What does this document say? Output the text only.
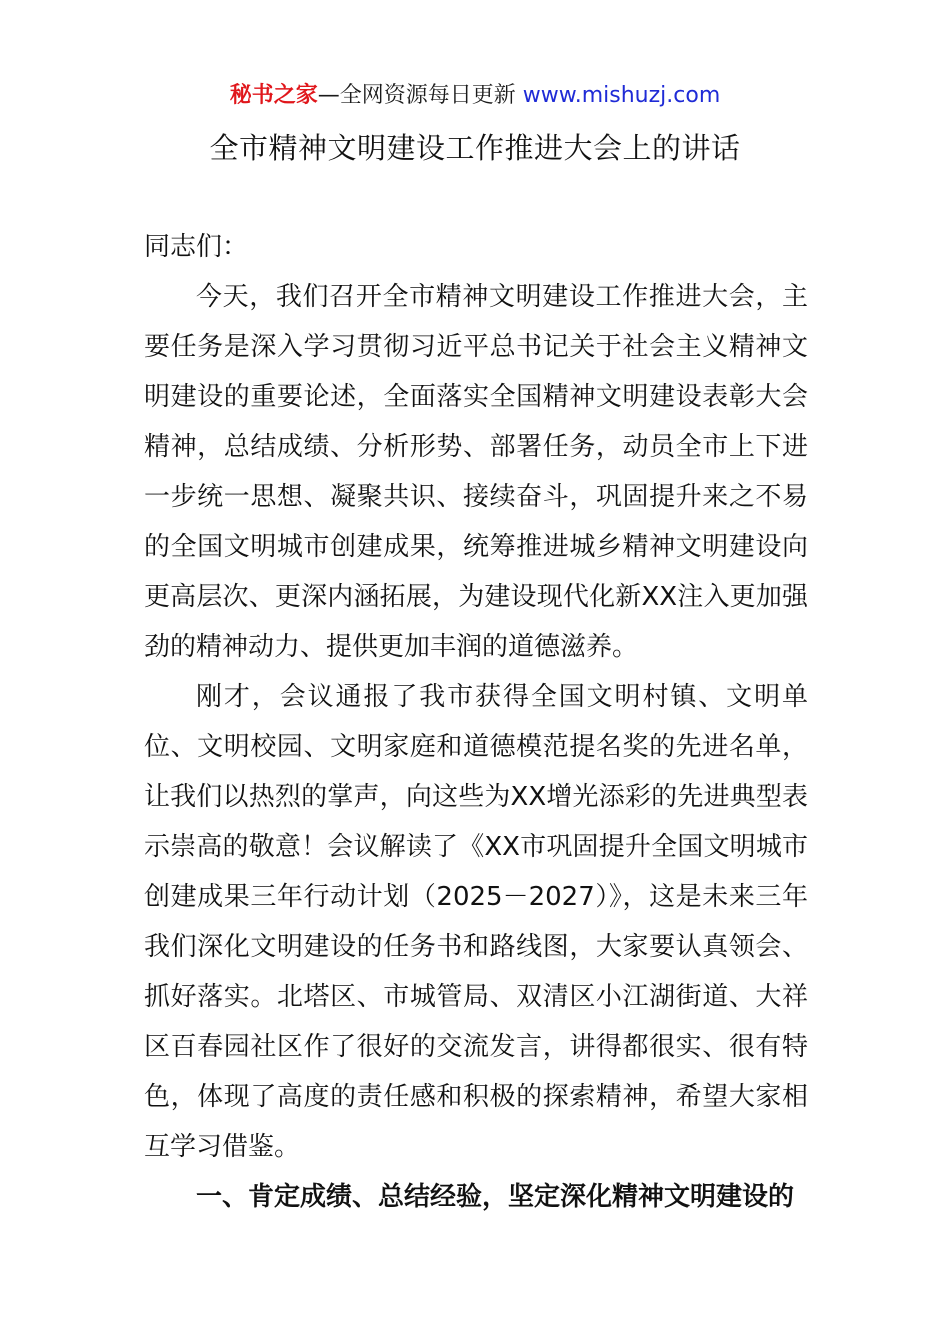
秘书之家—全网资源每日更新 www.mishuzj.com
全市精神文明建设工作推进大会上的讲话

同志们：

今天，我们召开全市精神文明建设工作推进大会，主要任务是深入学习贯彻习近平总书记关于社会主义精神文明建设的重要论述，全面落实全国精神文明建设表彰大会精神，总结成绩、分析形势、部署任务，动员全市上下进一步统一思想、凝聚共识、接续奋斗，巩固提升来之不易的全国文明城市创建成果，统筹推进城乡精神文明建设向更高层次、更深内涵拓展，为建设现代化新XX注入更加强劲的精神动力、提供更加丰润的道德滋养。

刚才，会议通报了我市获得全国文明村镇、文明单位、文明校园、文明家庭和道德模范提名奖的先进名单，让我们以热烈的掌声，向这些为XX增光添彩的先进典型表示崇高的敬意！会议解读了《XX市巩固提升全国文明城市创建成果三年行动计划（2025－2027）》，这是未来三年我们深化文明建设的任务书和路线图，大家要认真领会、抓好落实。北塔区、市城管局、双清区小江湖街道、大祥区百春园社区作了很好的交流发言，讲得都很实、很有特色，体现了高度的责任感和积极的探索精神，希望大家相互学习借鉴。

一、肯定成绩、总结经验，坚定深化精神文明建设的
